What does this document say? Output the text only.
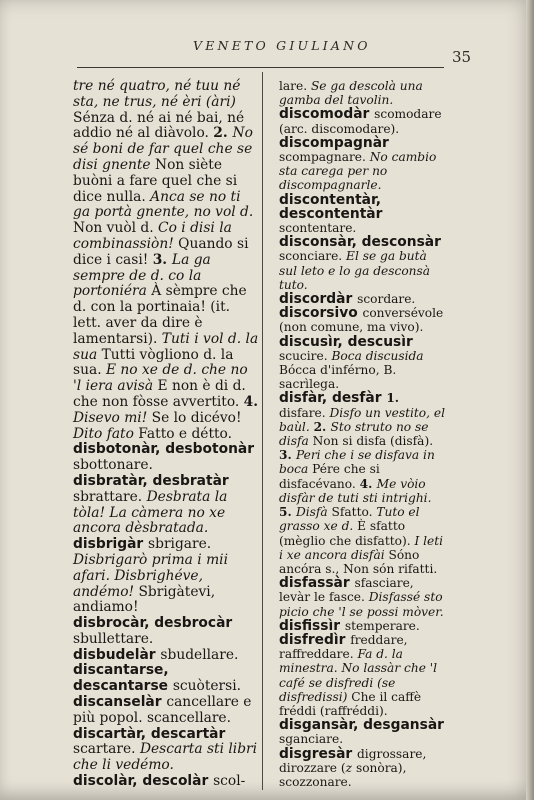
VENETO GIULIANO
35

tre né quatro, né tuu né sta, ne trus, né èri (àri) Sénza d. né ai né bai, né addio né al diàvolo. 2. No sé boni de far quel che se disi gnente Non siète buòni a fare quel che si dice nulla. Anca se no ti ga portà gnente, no vol d. Non vuòl d. Co i disi la combinassiòn! Quando si dice i casi! 3. La ga sempre de d. co la portoniéra À sèmpre che d. con la portinaia! (it. lett. aver da dire è lamentarsi). Tuti i vol d. la sua Tutti vògliono d. la sua. E no xe de d. che no 'l iera avisà E non è di d. che non fòsse avvertito. 4. Disevo mi! Se lo dicévo! Dito fato Fatto e détto.

disbotonàr, desbotonàr sbottonare.

disbratàr, desbratàr sbrattare. Desbrata la tòla! La càmera no xe ancora dèsbratada.

disbrigàr sbrigare. Disbrigarò prima i mii afari. Disbrighéve, andémo! Sbrigàtevi, andiamo!

disbrocàr, desbrocàr sbullettare.

disbudelàr sbudellare.

discantarse, descantarse scuòtersi.

discanselàr cancellare e più popol. scancellare.

discartàr, descartàr scartare. Descarta sti libri che li vedémo.

discolàr, descolàr scol-

lare. Se ga descolà una gamba del tavolin.

discomodàr scomodare (arc. discomodare).

discompagnàr scompagnare. No cambio sta carega per no discompagnarle.

discontentàr, descontentàr scontentare.

disconsàr, desconsàr sconciare. El se ga butà sul leto e lo ga desconsà tuto.

discordàr scordare.

discorsivo conversévole (non comune, ma vivo).

discusìr, descusìr scucire. Boca discusida Bócca d'inférno, B. sacrìlega.

disfàr, desfàr 1. disfare. Disfo un vestito, el baùl. 2. Sto struto no se disfa Non si disfa (disfà). 3. Peri che i se disfava in boca Pére che si disfacévano. 4. Me vòio disfàr de tuti sti intrighi. 5. Disfà Sfatto. Tuto el grasso xe d. È sfatto (mèglio che disfatto). I leti i xe ancora disfài Sóno ancóra s., Non són rifatti.

disfassàr sfasciare, levàr le fasce. Disfassé sto picio che 'l se possi mòver.

disfissìr stemperare.

disfredìr freddare, raffreddare. Fa d. la minestra. No lassàr che 'l café se disfredi (se disfredissi) Che il caffè fréddi (raffréddi).

disgansàr, desgansàr sganciare.

disgresàr digrossare, dirozzare (z sonòra), scozzonare.
